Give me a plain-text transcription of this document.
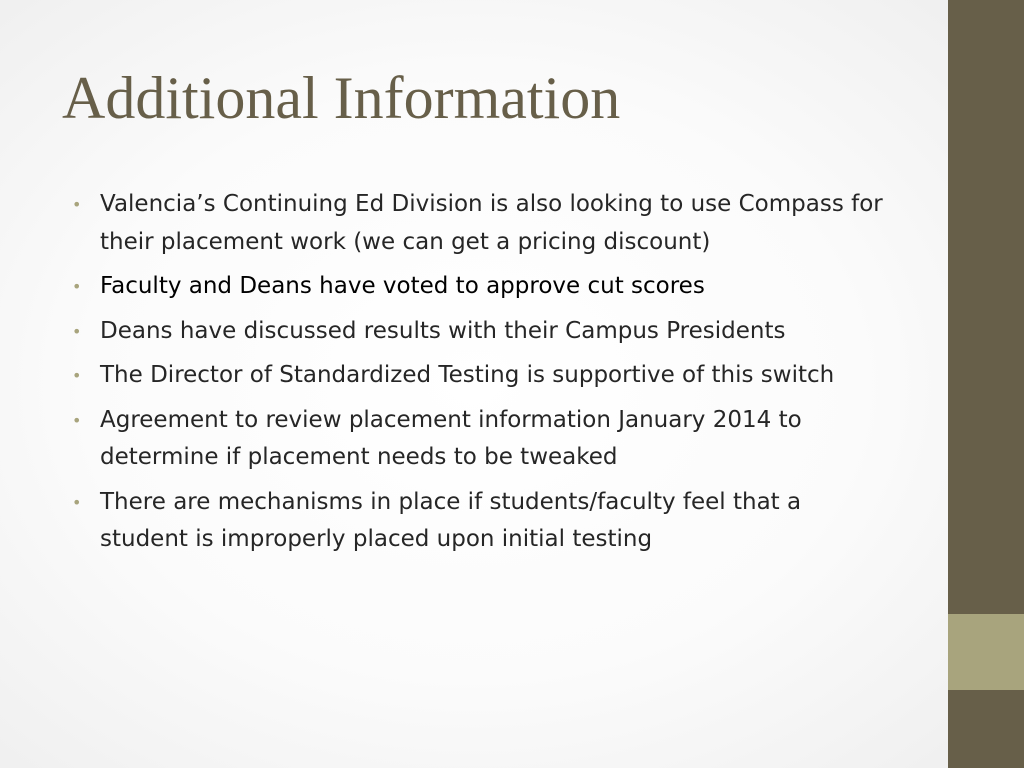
Additional Information
• Valencia’s Continuing Ed Division is also looking to use Compass for their placement work (we can get a pricing discount)
• Faculty and Deans have voted to approve cut scores
• Deans have discussed results with their Campus Presidents
• The Director of Standardized Testing is supportive of this switch
• Agreement to review placement information January 2014 to determine if placement needs to be tweaked
• There are mechanisms in place if students/faculty feel that a student is improperly placed upon initial testing
